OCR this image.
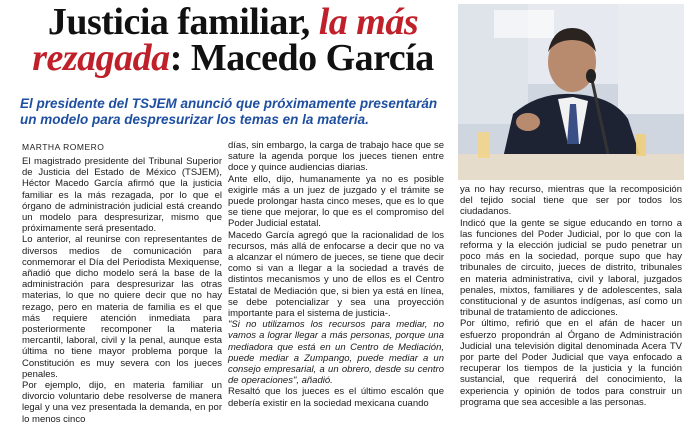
Justicia familiar, la más
rezagada: Macedo García
El presidente del TSJEM anunció que próximamente presentarán un modelo para despresurizar los temas en la materia.
MARTHA ROMERO

El magistrado presidente del Tribunal Superior de Justicia del Estado de México (TSJEM), Héctor Macedo García afirmó que la justicia familiar es la más rezagada, por lo que el órgano de administración judicial está creando un modelo para despresurizar, mismo que próximamente será presentado.

Lo anterior, al reunirse con representantes de diversos medios de comunicación para conmemorar el Día del Periodista Mexiquense, añadió que dicho modelo será la base de la administración para despresurizar las otras materias, lo que no quiere decir que no hay rezago, pero en materia de familia es el que más requiere atención inmediata para posteriormente recomponer la materia mercantil, laboral, civil y la penal, aunque esta última no tiene mayor problema porque la Constitución es muy severa con los jueces penales.

Por ejemplo, dijo, en materia familiar un divorcio voluntario debe resolverse de manera legal y una vez presentada la demanda, en por lo menos cinco

días, sin embargo, la carga de trabajo hace que se sature la agenda porque los jueces tienen entre doce y quince audiencias diarias.

Ante ello, dijo, humanamente ya no es posible exigirle más a un juez de juzgado y el trámite se puede prolongar hasta cinco meses, que es lo que se tiene que mejorar, lo que es el compromiso del Poder Judicial estatal.

Macedo García agregó que la racionalidad de los recursos, más allá de enfocarse a decir que no va a alcanzar el número de jueces, se tiene que decir como si van a llegar a la sociedad a través de distintos mecanismos y uno de ellos es el Centro Estatal de Mediación que, si bien ya está en línea, se debe potencializar y sea una proyección importante para el sistema de justicia-.

"Si no utilizamos los recursos para mediar, no vamos a lograr llegar a más personas, porque una mediadora que está en un Centro de Mediación, puede mediar a Zumpango, puede mediar a un consejo empresarial, a un obrero, desde su centro de operaciones", añadió.

Resaltó que los jueces es el último escalón que debería existir en la sociedad mexicana cuando

ya no hay recurso, mientras que la recomposición del tejido social tiene que ser por todos los ciudadanos.

Indicó que la gente se sigue educando en torno a las funciones del Poder Judicial, por lo que con la reforma y la elección judicial se pudo penetrar un poco más en la sociedad, porque supo que hay tribunales de circuito, jueces de distrito, tribunales en materia administrativa, civil y laboral, juzgados penales, mixtos, familiares y de adolescentes, sala constitucional y de asuntos indígenas, así como un tribunal de tratamiento de adicciones.

Por último, refirió que en el afán de hacer un esfuerzo propondrán al Órgano de Administración Judicial una televisión digital denominada Acera TV por parte del Poder Judicial que vaya enfocado a recuperar los tiempos de la justicia y la función sustancial, que requerirá del conocimiento, la experiencia y opinión de todos para construir un programa que sea accesible a las personas.
